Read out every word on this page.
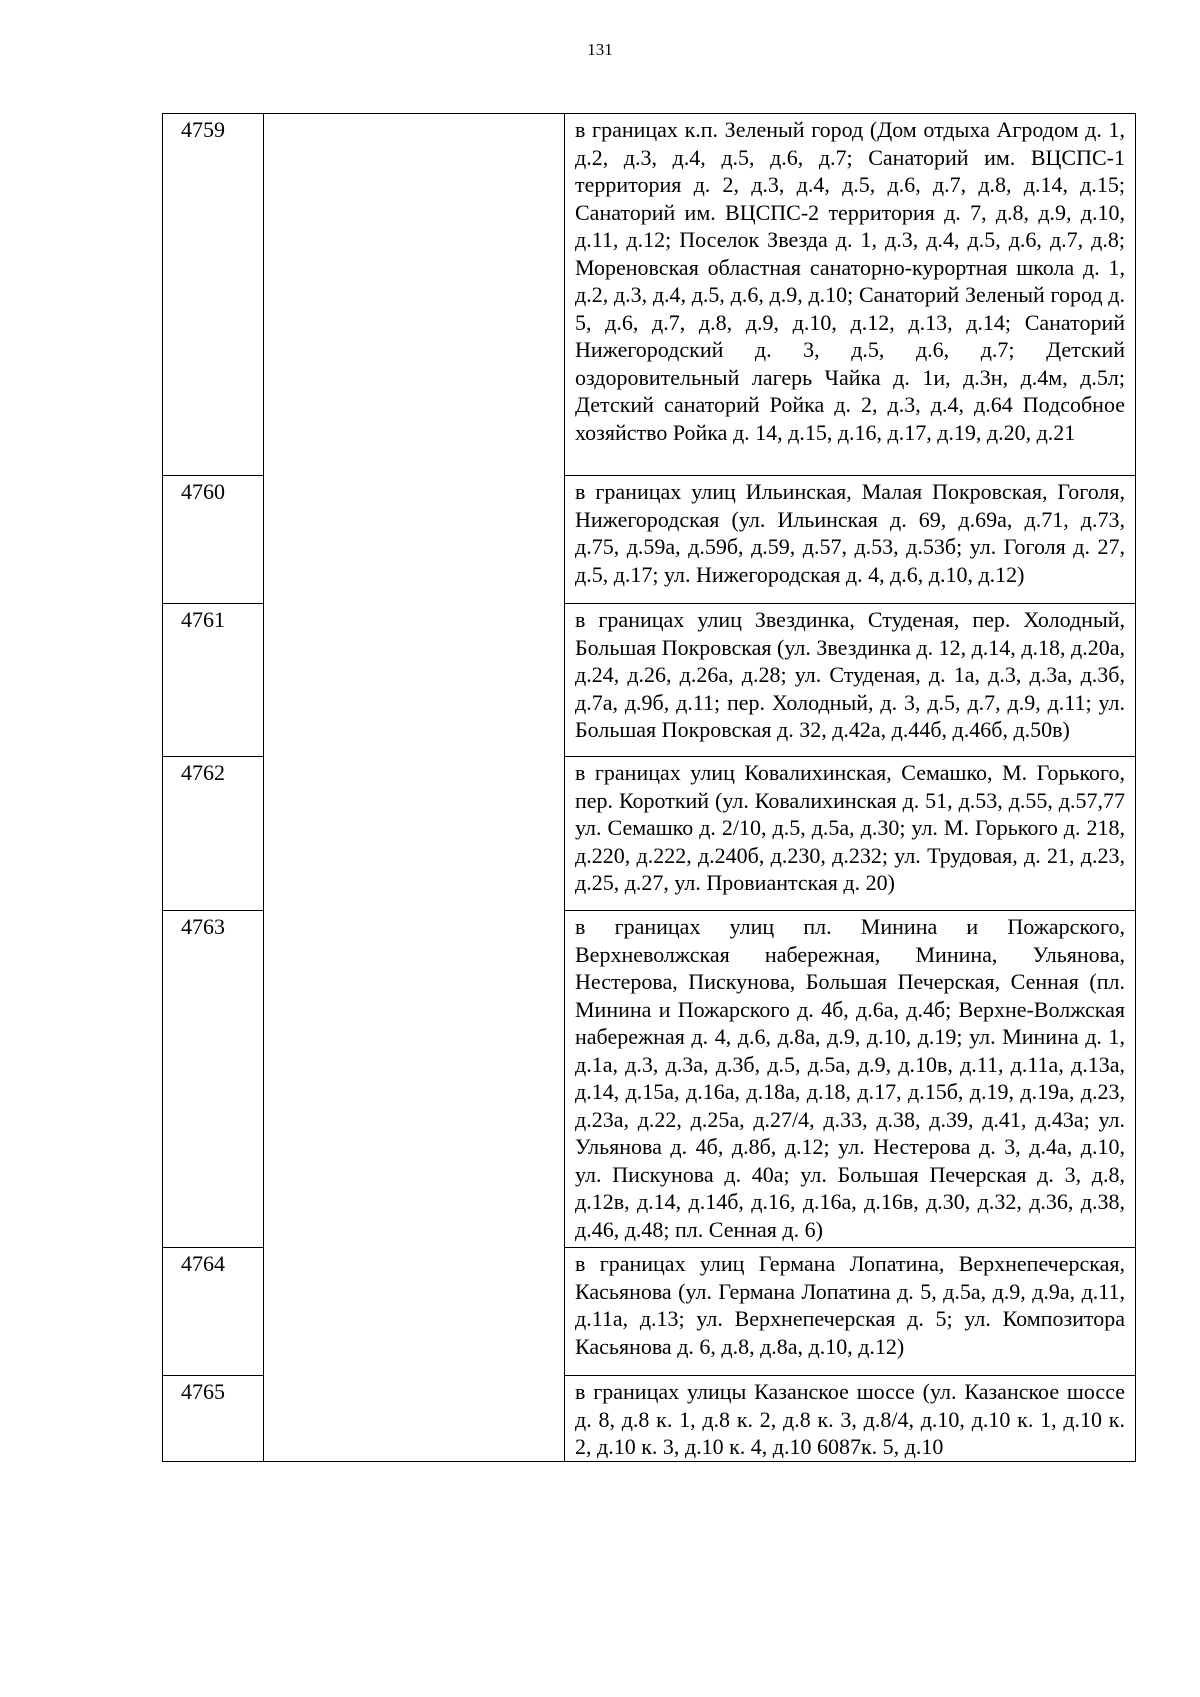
131
4759		в границах к.п. Зеленый город (Дом отдыха Агродом д. 1, д.2, д.3, д.4, д.5, д.6, д.7; Санаторий им. ВЦСПС-1 территория д. 2, д.3, д.4, д.5, д.6, д.7, д.8, д.14, д.15; Санаторий им. ВЦСПС-2 территория д. 7, д.8, д.9, д.10, д.11, д.12; Поселок Звезда д. 1, д.3, д.4, д.5, д.6, д.7, д.8; Мореновская областная санаторно-курортная школа д. 1, д.2, д.3, д.4, д.5, д.6, д.9, д.10; Санаторий Зеленый город д. 5, д.6, д.7, д.8, д.9, д.10, д.12, д.13, д.14; Санаторий Нижегородский д. 3, д.5, д.6, д.7; Детский оздоровительный лагерь Чайка д. 1и, д.3н, д.4м, д.5л; Детский санаторий Ройка д. 2, д.3, д.4, д.64 Подсобное хозяйство Ройка д. 14, д.15, д.16, д.17, д.19, д.20, д.21
4760		в границах улиц Ильинская, Малая Покровская, Гоголя, Нижегородская (ул. Ильинская д. 69, д.69а, д.71, д.73, д.75, д.59а, д.59б, д.59, д.57, д.53, д.53б; ул. Гоголя д. 27, д.5, д.17; ул. Нижегородская д. 4, д.6, д.10, д.12)
4761		в границах улиц Звездинка, Студеная, пер. Холодный, Большая Покровская (ул. Звездинка д. 12, д.14, д.18, д.20а, д.24, д.26, д.26а, д.28; ул. Студеная, д. 1а, д.3, д.3а, д.3б, д.7а, д.9б, д.11; пер. Холодный, д. 3, д.5, д.7, д.9, д.11; ул. Большая Покровская д. 32, д.42а, д.44б, д.46б, д.50в)
4762		в границах улиц Ковалихинская, Семашко, М. Горького, пер. Короткий (ул. Ковалихинская д. 51, д.53, д.55, д.57,77 ул. Семашко д. 2/10, д.5, д.5а, д.30; ул. М. Горького д. 218, д.220, д.222, д.240б, д.230, д.232; ул. Трудовая, д. 21, д.23, д.25, д.27, ул. Провиантская д. 20)
4763		в границах улиц пл. Минина и Пожарского, Верхневолжская набережная, Минина, Ульянова, Нестерова, Пискунова, Большая Печерская, Сенная (пл. Минина и Пожарского д. 4б, д.6а, д.4б; Верхне-Волжская набережная д. 4, д.6, д.8а, д.9, д.10, д.19; ул. Минина д. 1, д.1а, д.3, д.3а, д.3б, д.5, д.5а, д.9, д.10в, д.11, д.11а, д.13а, д.14, д.15а, д.16а, д.18а, д.18, д.17, д.15б, д.19, д.19а, д.23, д.23а, д.22, д.25а, д.27/4, д.33, д.38, д.39, д.41, д.43а; ул. Ульянова д. 4б, д.8б, д.12; ул. Нестерова д. 3, д.4а, д.10, ул. Пискунова д. 40а; ул. Большая Печерская д. 3, д.8, д.12в, д.14, д.14б, д.16, д.16а, д.16в, д.30, д.32, д.36, д.38, д.46, д.48; пл. Сенная д. 6)
4764		в границах улиц Германа Лопатина, Верхнепечерская, Касьянова (ул. Германа Лопатина д. 5, д.5а, д.9, д.9а, д.11, д.11а, д.13; ул. Верхнепечерская д. 5; ул. Композитора Касьянова д. 6, д.8, д.8а, д.10, д.12)
4765		в границах улицы Казанское шоссе (ул. Казанское шоссе д. 8, д.8 к. 1, д.8 к. 2, д.8 к. 3, д.8/4, д.10, д.10 к. 1, д.10 к. 2, д.10 к. 3, д.10 к. 4, д.10 6087к. 5, д.10
